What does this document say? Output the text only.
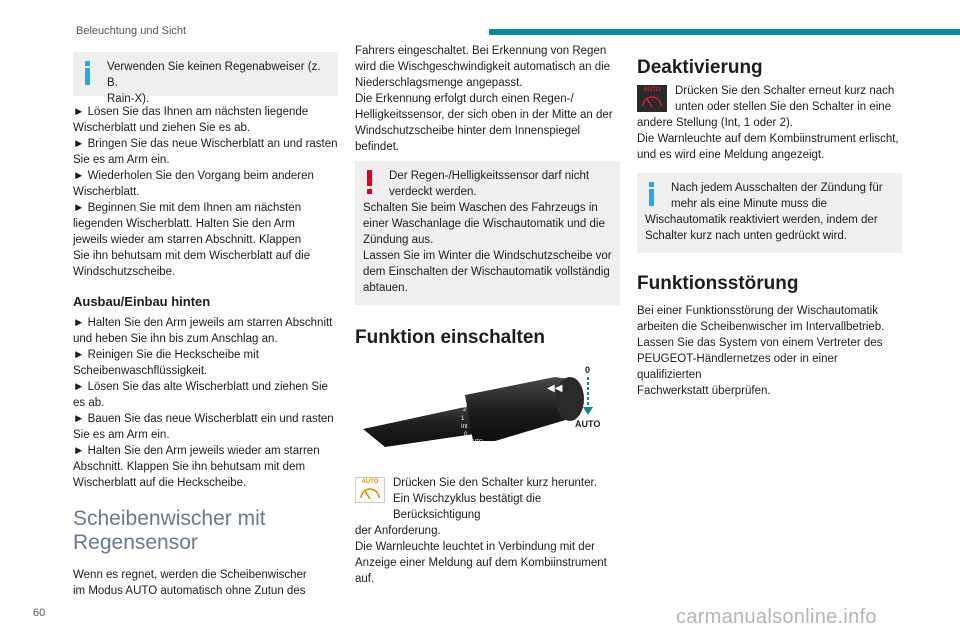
Beleuchtung und Sicht
Verwenden Sie keinen Regenabweiser (z. B.
Rain-X).
► Lösen Sie das Ihnen am nächsten liegende
Wischerblatt und ziehen Sie es ab.
► Bringen Sie das neue Wischerblatt an und rasten
Sie es am Arm ein.
► Wiederholen Sie den Vorgang beim anderen
Wischerblatt.
► Beginnen Sie mit dem Ihnen am nächsten
liegenden Wischerblatt. Halten Sie den Arm
jeweils wieder am starren Abschnitt. Klappen
Sie ihn behutsam mit dem Wischerblatt auf die
Windschutzscheibe.
Ausbau/Einbau hinten
► Halten Sie den Arm jeweils am starren Abschnitt
und heben Sie ihn bis zum Anschlag an.
► Reinigen Sie die Heckscheibe mit
Scheibenwaschflüssigkeit.
► Lösen Sie das alte Wischerblatt und ziehen Sie
es ab.
► Bauen Sie das neue Wischerblatt ein und rasten
Sie es am Arm ein.
► Halten Sie den Arm jeweils wieder am starren
Abschnitt. Klappen Sie ihn behutsam mit dem
Wischerblatt auf die Heckscheibe.
Scheibenwischer mit
Regensensor
Wenn es regnet, werden die Scheibenwischer
im Modus AUTO automatisch ohne Zutun des
Fahrers eingeschaltet. Bei Erkennung von Regen
wird die Wischgeschwindigkeit automatisch an die
Niederschlagsmenge angepasst.
Die Erkennung erfolgt durch einen Regen-/
Helligkeitssensor, der sich oben in der Mitte an der
Windschutzscheibe hinter dem Innenspiegel befindet.
Der Regen-/Helligkeitssensor darf nicht
verdeckt werden.
Schalten Sie beim Waschen des Fahrzeugs in
einer Waschanlage die Wischautomatik und die
Zündung aus.
Lassen Sie im Winter die Windschutzscheibe vor
dem Einschalten der Wischautomatik vollständig
abtauen.
Funktion einschalten
◀◀
2
1
Int
0
AUTO
0
AUTO
AUTO	Drücken Sie den Schalter kurz herunter.
Ein Wischzyklus bestätigt die Berücksichtigung
der Anforderung.
Die Warnleuchte leuchtet in Verbindung mit der
Anzeige einer Meldung auf dem Kombiinstrument auf.
Deaktivierung
AUTO	Drücken Sie den Schalter erneut kurz nach
unten oder stellen Sie den Schalter in eine
andere Stellung (Int, 1 oder 2).
Die Warnleuchte auf dem Kombiinstrument erlischt,
und es wird eine Meldung angezeigt.
Nach jedem Ausschalten der Zündung für
mehr als eine Minute muss die
Wischautomatik reaktiviert werden, indem der
Schalter kurz nach unten gedrückt wird.
Funktionsstörung
Bei einer Funktionsstörung der Wischautomatik
arbeiten die Scheibenwischer im Intervallbetrieb.
Lassen Sie das System von einem Vertreter des
PEUGEOT-Händlernetzes oder in einer qualifizierten
Fachwerkstatt überprüfen.
60	carmanualsonline.info
